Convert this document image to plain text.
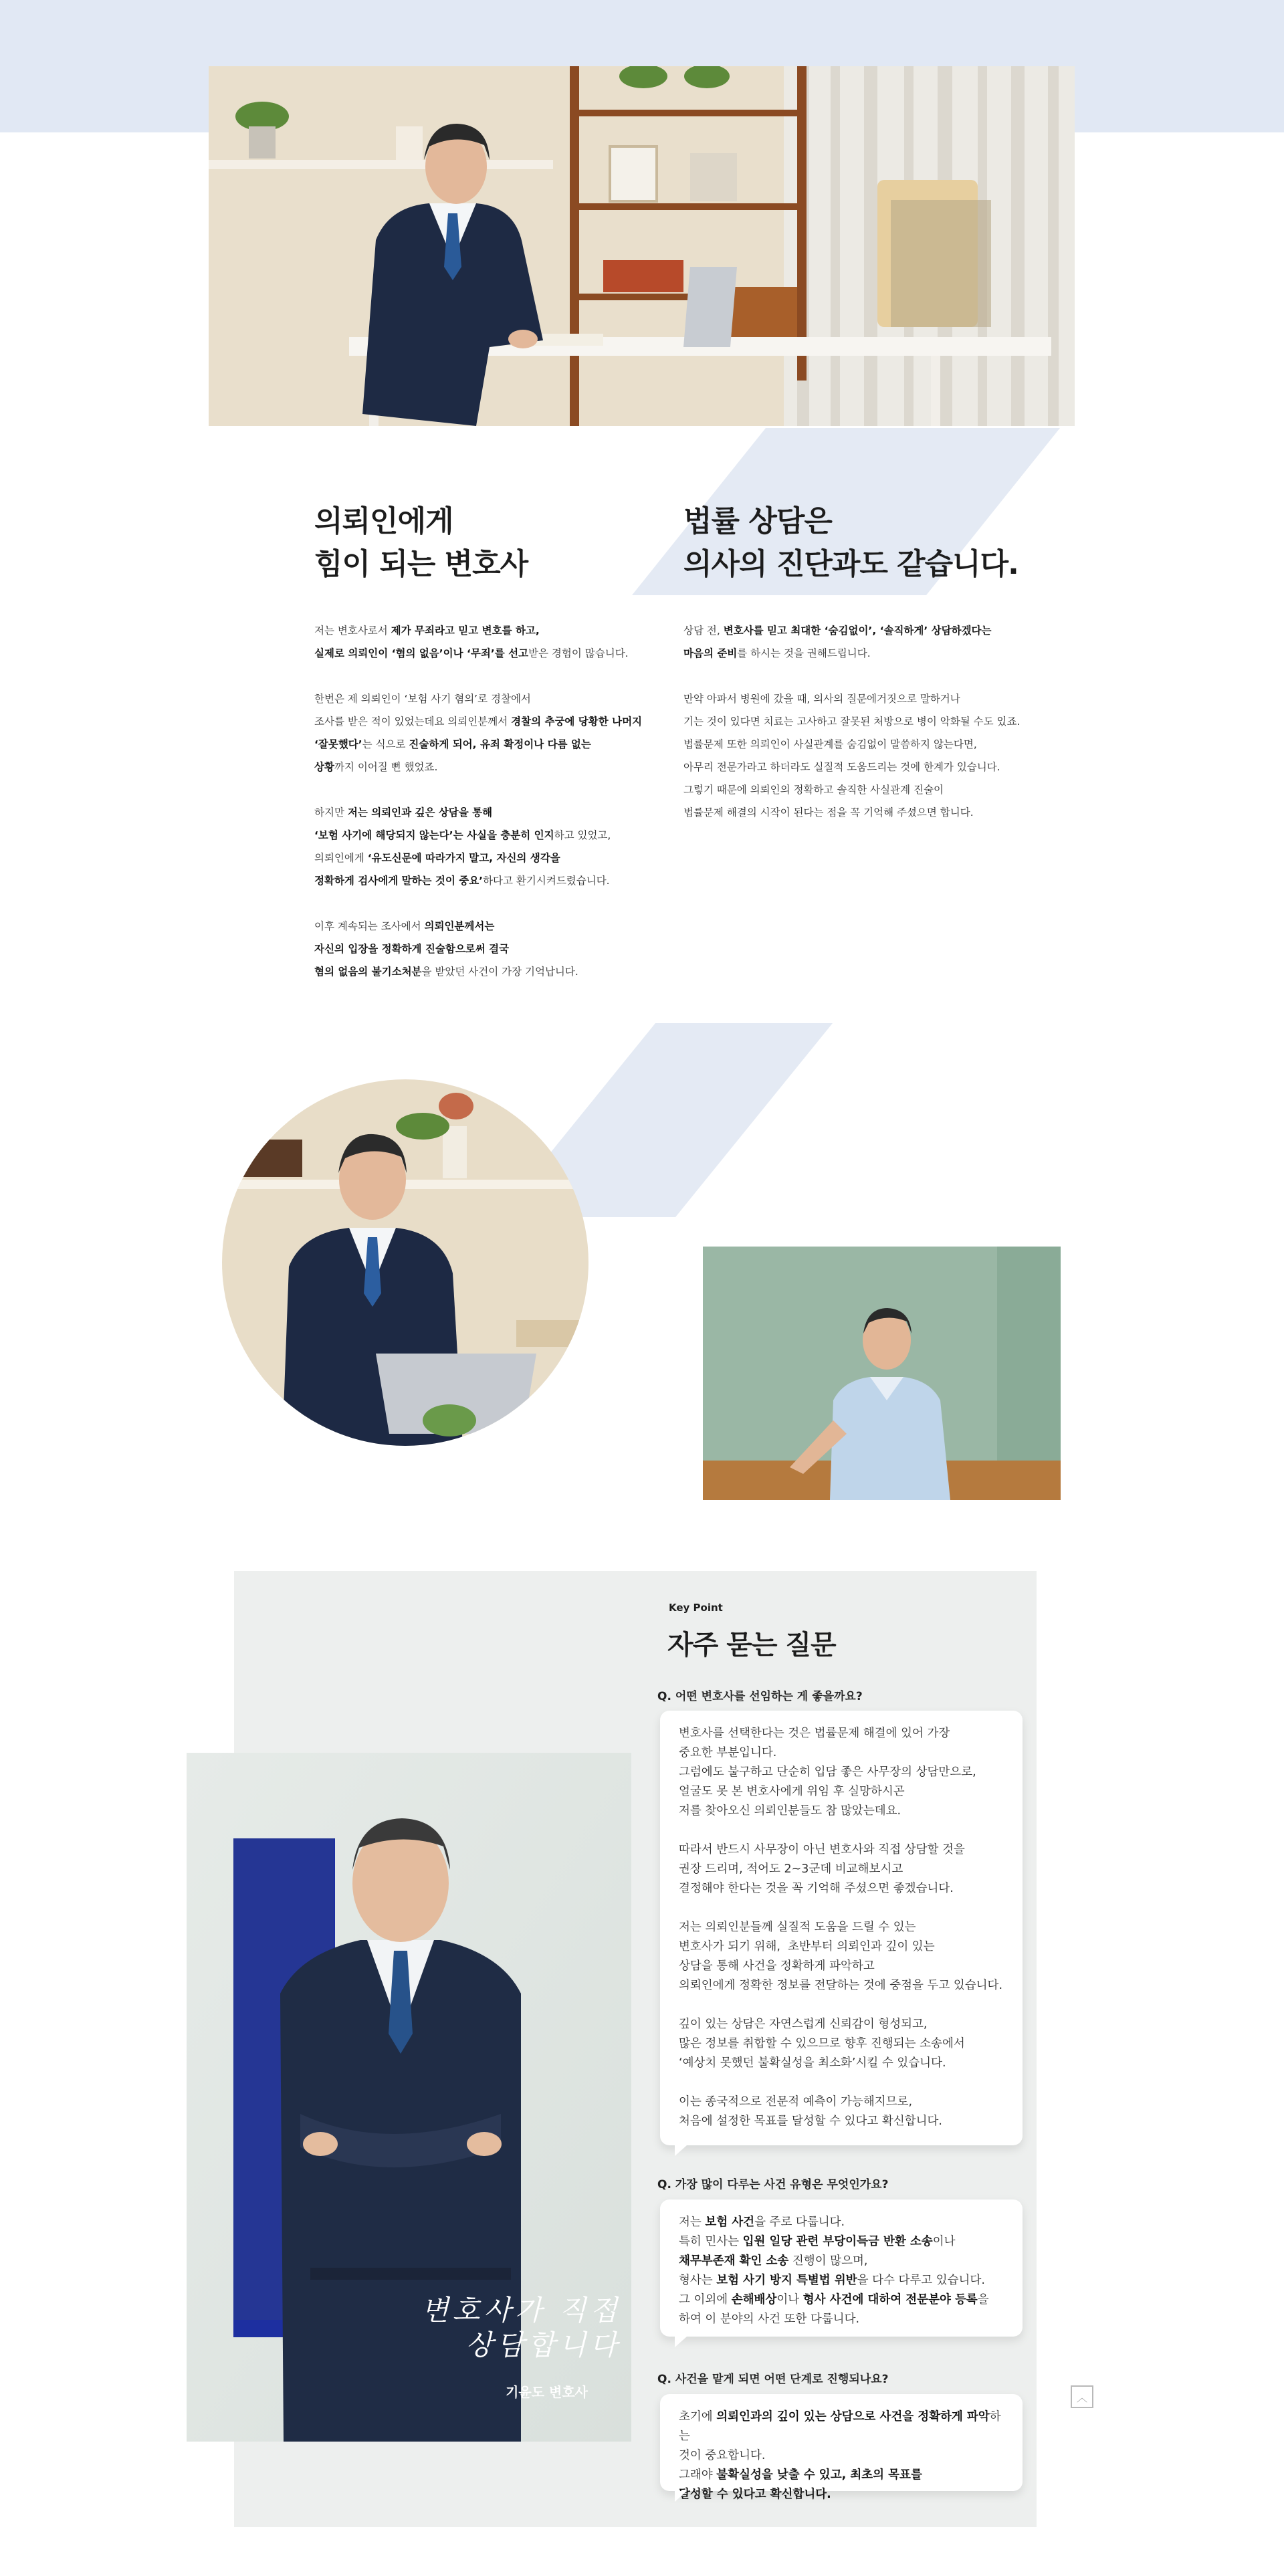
의뢰인에게
힘이 되는 변호사
법률 상담은
의사의 진단과도 같습니다.

저는 변호사로서 제가 무죄라고 믿고 변호를 하고,
실제로 의뢰인이 ‘혐의 없음’이나 ‘무죄’를 선고받은 경험이 많습니다.

한번은 제 의뢰인이 ‘보험 사기 혐의’로 경찰에서
조사를 받은 적이 있었는데요 의뢰인분께서 경찰의 추궁에 당황한 나머지
‘잘못했다’는 식으로 진술하게 되어, 유죄 확정이나 다름 없는
상황까지 이어질 뻔 했었죠.

하지만 저는 의뢰인과 깊은 상담을 통해
‘보험 사기에 해당되지 않는다’는 사실을 충분히 인지하고 있었고,
의뢰인에게 ‘유도신문에 따라가지 말고, 자신의 생각을
정확하게 검사에게 말하는 것이 중요’하다고 환기시켜드렸습니다.

이후 계속되는 조사에서 의뢰인분께서는
자신의 입장을 정확하게 진술함으로써 결국
혐의 없음의 불기소처분을 받았던 사건이 가장 기억납니다.

상담 전, 변호사를 믿고 최대한 ‘숨김없이’, ‘솔직하게’ 상담하겠다는
마음의 준비를 하시는 것을 권해드립니다.

만약 아파서 병원에 갔을 때, 의사의 질문에거짓으로 말하거나
기는 것이 있다면 치료는 고사하고 잘못된 처방으로 병이 악화될 수도 있죠.
법률문제 또한 의뢰인이 사실관계를 숨김없이 말씀하지 않는다면,
아무리 전문가라고 하더라도 실질적 도움드리는 것에 한계가 있습니다.
그렇기 때문에 의뢰인의 정확하고 솔직한 사실관계 진술이
법률문제 해결의 시작이 된다는 점을 꼭 기억해 주셨으면 합니다.

변호사가 직접
상담합니다
기윤도 변호사
Key Point
자주 묻는 질문
Q. 어떤 변호사를 선임하는 게 좋을까요?

변호사를 선택한다는 것은 법률문제 해결에 있어 가장
중요한 부분입니다.
그럼에도 불구하고 단순히 입담 좋은 사무장의 상담만으로,
얼굴도 못 본 변호사에게 위임 후 실망하시곤
저를 찾아오신 의뢰인분들도 참 많았는데요.

따라서 반드시 사무장이 아닌 변호사와 직접 상담할 것을
권장 드리며, 적어도 2~3군데 비교해보시고
결정해야 한다는 것을 꼭 기억해 주셨으면 좋겠습니다.

저는 의뢰인분들께 실질적 도움을 드릴 수 있는
변호사가 되기 위해,  초반부터 의뢰인과 깊이 있는
상담을 통해 사건을 정확하게 파악하고
의뢰인에게 정확한 정보를 전달하는 것에 중점을 두고 있습니다.

깊이 있는 상담은 자연스럽게 신뢰감이 형성되고,
많은 정보를 취합할 수 있으므로 향후 진행되는 소송에서
‘예상치 못했던 불확실성을 최소화’시킬 수 있습니다.

이는 종국적으로 전문적 예측이 가능해지므로,
처음에 설정한 목표를 달성할 수 있다고 확신합니다.

Q. 가장 많이 다루는 사건 유형은 무엇인가요?

저는 보험 사건을 주로 다룹니다.
특히 민사는 입원 일당 관련 부당이득금 반환 소송이나
채무부존재 확인 소송 진행이 많으며,
형사는 보험 사기 방지 특별법 위반을 다수 다루고 있습니다.
그 이외에 손해배상이나 형사 사건에 대하여 전문분야 등록을
하여 이 분야의 사건 또한 다룹니다.

Q. 사건을 맡게 되면 어떤 단계로 진행되나요?

초기에 의뢰인과의 깊이 있는 상담으로 사건을 정확하게 파악하는
것이 중요합니다.
그래야 불확실성을 낮출 수 있고, 최초의 목표를
달성할 수 있다고 확신합니다.

︿
